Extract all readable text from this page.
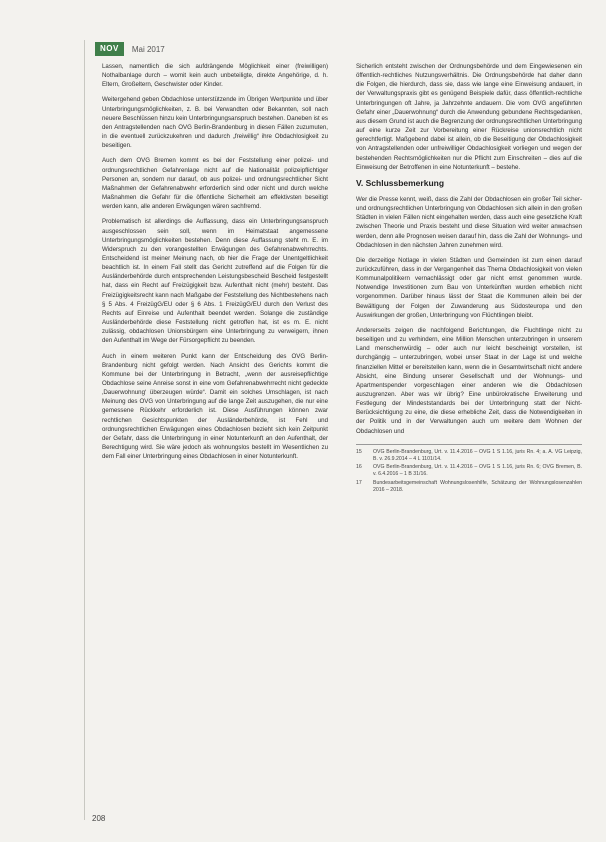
NOV	Mai 2017

Lassen, namentlich die sich aufdrängende Möglichkeit einer (freiwilligen) Nothalbanlage durch – womit kein auch unbeteiligte, direkte Angehörige, d. h. Eltern, Großeltern, Geschwister oder Kinder.

Weitergehend geben Obdachlose unterstützende im Übrigen Wertpunkte und über Unterbringungsmöglichkeiten, z. B. bei Verwandten oder Bekannten, soll nach neuere Beschlüssen hinzu kein Unterbringungsanspruch bestehen. Daneben ist es den Antragstellenden nach OVG Berlin-Brandenburg in diesen Fällen zuzumuten, in die eventuell zurückzukehren und dadurch „freiwillig“ ihre Obdachlosigkeit zu beseitigen.

Auch dem OVG Bremen kommt es bei der Feststellung einer polizei- und ordnungsrechtlichen Gefahrenlage nicht auf die Nationalität polizeipflichtiger Personen an, sondern nur darauf, ob aus polizei- und ordnungsrechtlicher Sicht Maßnahmen der Gefahrenabwehr erforderlich sind oder nicht und durch welche Maßnahmen die Gefahr für die öffentliche Sicherheit am effektivsten beseitigt werden kann, alle anderen Erwägungen wären sachfremd.

Problematisch ist allerdings die Auffassung, dass ein Unterbringungsanspruch ausgeschlossen sein soll, wenn im Heimatstaat angemessene Unterbringungsmöglichkeiten bestehen. Denn diese Auffassung steht m. E. im Widerspruch zu den vorangestellten Erwägungen des Gefahrenabwehrrechts. Entscheidend ist meiner Meinung nach, ob hier die Frage der Unentgeltlichkeit beachtlich ist. In einem Fall stellt das Gericht zutreffend auf die Folgen für die Ausländerbehörde durch entsprechenden Leistungsbescheid Bescheid festgestellt hat, dass ein Recht auf Freizügigkeit bzw. Aufenthalt nicht (mehr) besteht. Das Freizügigkeitsrecht kann nach Maßgabe der Feststellung des Nichtbestehens nach § 5 Abs. 4 FreizügG/EU oder § 6 Abs. 1 FreizügG/EU durch den Verlust des Rechts auf Einreise und Aufenthalt beendet werden. Solange die zuständige Ausländerbehörde diese Feststellung nicht getroffen hat, ist es m. E. nicht zulässig, obdachlosen Unionsbürgern eine Unterbringung zu verweigern, ihnen den Aufenthalt im Wege der Fürsorgepflicht zu beenden.

Auch in einem weiteren Punkt kann der Entscheidung des OVG Berlin-Brandenburg nicht gefolgt werden. Nach Ansicht des Gerichts kommt die Kommune bei der Unterbringung in Betracht, „wenn der ausreisepflichtige Obdachlose seine Anreise sonst in eine vom Gefahrenabwehrrecht nicht gedeckte ‚Dauerwohnung‘ überzeugen würde“. Damit ein solches Umschlagen, ist nach Meinung des OVG von Unterbringung auf die lange Zeit auszugehen, die nur eine gemessene Rückkehr erforderlich ist. Diese Ausführungen können zwar rechtlichen Gesichtspunkten der Ausländerbehörde, ist Fehl und ordnungsrechtlichen Erwägungen eines Obdachlosen bezieht sich kein Zeitpunkt der Gefahr, dass die Unterbringung in einer Notunterkunft an den Aufenthalt, der Berechtigung wird. Sie wäre jedoch als wohnungslos bestellt im Wesentlichen zu dem Fall einer Unterbringung eines Obdachlosen in einer Notunterkunft.

Sicherlich entsteht zwischen der Ordnungsbehörde und dem Eingewiesenen ein öffentlich-rechtliches Nutzungsverhältnis. Die Ordnungsbehörde hat daher dann die Folgen, die hierdurch, dass sie, dass wie lange eine Einweisung andauert, in der Verwaltungspraxis gibt es genügend Beispiele dafür, dass öffentlich-rechtliche Unterbringungen oft Jahre, ja Jahrzehnte andauern. Die vom OVG angeführten Gefahr einer „Dauerwohnung“ durch die Anwendung gebundene Rechtsgedanken, aus diesem Grund ist auch die Begrenzung der ordnungsrechtlichen Unterbringung auf eine kurze Zeit zur Vorbereitung einer Rückreise unionsrechtlich nicht gerechtfertigt. Maßgebend dabei ist allein, ob die Beseitigung der Obdachlosigkeit von Antragstellenden oder unfreiwilliger Obdachlosigkeit vorliegen und wegen der bestehenden Rechtsmöglichkeiten nur die Pflicht zum Einschreiten – dies auf die Einweisung der Betroffenen in eine Notunterkunft – bestehe.

V. Schlussbemerkung

Wer die Presse kennt, weiß, dass die Zahl der Obdachlosen ein großer Teil sicher- und ordnungsrechtlichen Unterbringung von Obdachlosen sich allein in den großen Städten in vielen Fällen nicht eingehalten werden, dass auch eine gesetzliche Kraft zwischen Theorie und Praxis besteht und diese Situation wird weiter anwachsen werden, denn alle Prognosen weisen darauf hin, dass die Zahl der Wohnungs- und Obdachlosen in den nächsten Jahren zunehmen wird.

Die derzeitige Notlage in vielen Städten und Gemeinden ist zum einen darauf zurückzuführen, dass in der Vergangenheit das Thema Obdachlosigkeit von vielen Kommunalpolitikern vernachlässigt oder gar nicht ernst genommen wurde. Notwendige Investitionen zum Bau von Unterkünften wurden erheblich nicht vorgenommen. Darüber hinaus lässt der Staat die Kommunen allein bei der Bewältigung der Folgen der Zuwanderung aus Südosteuropa und den Auswirkungen der großen, Unterbringung von Flüchtlingen bleibt.

Andererseits zeigen die nachfolgend Berichtungen, die Fluchtlinge nicht zu beseitigen und zu verhindern, eine Million Menschen unterzubringen in unserem Land menschenwürdig – oder auch nur leicht bescheinigt vorstellen, ist durchgängig – unterzubringen, wobei unser Staat in der Lage ist und welche finanziellen Mittel er bereitstellen kann, wenn die in Gesamtwirtschaft nicht andere Absicht, eine Bindung unserer Gesellschaft und der Wohnungs- und Apartmentspender vorgeschlagen einer anderen wie die Obdachlosen auszugrenzen. Aber was wir übrig? Eine unbürokratische Erweiterung und Festlegung der Mindeststandards bei der Unterbringung statt der Nicht-Berücksichtigung zu eine, die diese erhebliche Zeit, dass die Notwendigkeiten in der Politik und in der Verwaltungen auch um weitere dem Wohnen der Obdachlosen und

15	OVG Berlin-Brandenburg, Urt. v. 11.4.2016 – OVG 1 S 1.16, juris Rn. 4; a. A. VG Leipzig, B. v. 26.9.2014 – 4 L 1101/14.
16	OVG Berlin-Brandenburg, Urt. v. 11.4.2016 – OVG 1 S 1.16, juris Rn. 6; OVG Bremen, B. v. 6.4.2016 – 1 B 31/16.
17	Bundesarbeitsgemeinschaft Wohnungslosenhilfe, Schätzung der Wohnungslosenzahlen 2016 – 2018.
208
